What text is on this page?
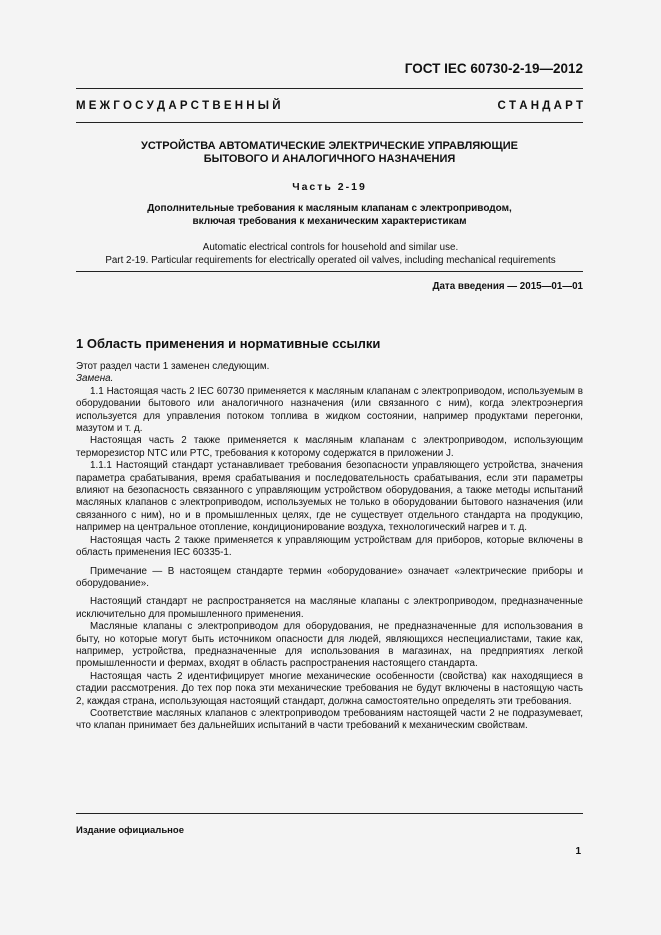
ГОСТ IEC 60730-2-19—2012
М Е Ж Г О С У Д А Р С Т В Е Н Н Ы Й	С Т А Н Д А Р Т
УСТРОЙСТВА АВТОМАТИЧЕСКИЕ ЭЛЕКТРИЧЕСКИЕ УПРАВЛЯЮЩИЕ
БЫТОВОГО И АНАЛОГИЧНОГО НАЗНАЧЕНИЯ
Часть 2-19
Дополнительные требования к масляным клапанам с электроприводом,
включая требования к механическим характеристикам
Automatic electrical controls for household and similar use.
Part 2-19. Particular requirements for electrically operated oil valves, including mechanical requirements
Дата введения — 2015—01—01
1 Область применения и нормативные ссылки

Этот раздел части 1 заменен следующим.

Замена.

1.1 Настоящая часть 2 IEC 60730 применяется к масляным клапанам с электроприводом, используемым в оборудовании бытового или аналогичного назначения (или связанного с ним), когда электроэнергия используется для управления потоком топлива в жидком состоянии, например продуктами перегонки, мазутом и т. д.

Настоящая часть 2 также применяется к масляным клапанам с электроприводом, использующим терморезистор NTC или PTC, требования к которому содержатся в приложении J.

1.1.1 Настоящий стандарт устанавливает требования безопасности управляющего устройства, значения параметра срабатывания, время срабатывания и последовательность срабатывания, если эти параметры влияют на безопасность связанного с управляющим устройством оборудования, а также методы испытаний масляных клапанов с электроприводом, используемых не только в оборудовании бытового назначения (или связанного с ним), но и в промышленных целях, где не существует отдельного стандарта на продукцию, например на центральное отопление, кондиционирование воздуха, технологический нагрев и т. д.

Настоящая часть 2 также применяется к управляющим устройствам для приборов, которые включены в область применения IEC 60335-1.

Примечание — В настоящем стандарте термин «оборудование» означает «электрические приборы и оборудование».

Настоящий стандарт не распространяется на масляные клапаны с электроприводом, предназначенные исключительно для промышленного применения.

Масляные клапаны с электроприводом для оборудования, не предназначенные для использования в быту, но которые могут быть источником опасности для людей, являющихся неспециалистами, такие как, например, устройства, предназначенные для использования в магазинах, на предприятиях легкой промышленности и фермах, входят в область распространения настоящего стандарта.

Настоящая часть 2 идентифицирует многие механические особенности (свойства) как находящиеся в стадии рассмотрения. До тех пор пока эти механические требования не будут включены в настоящую часть 2, каждая страна, использующая настоящий стандарт, должна самостоятельно определять эти требования.

Соответствие масляных клапанов с электроприводом требованиям настоящей части 2 не подразумевает, что клапан принимает без дальнейших испытаний в части требований к механическим свойствам.

Издание официальное
1
